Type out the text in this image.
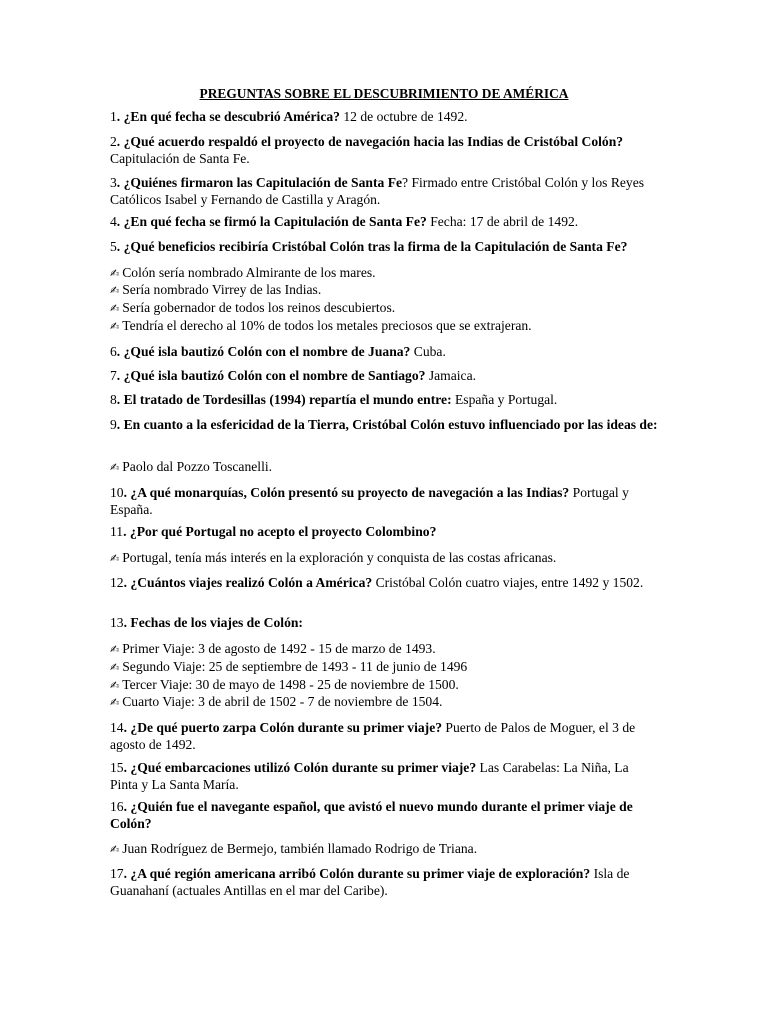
PREGUNTAS SOBRE EL DESCUBRIMIENTO DE AMÉRICA

1. ¿En qué fecha se descubrió América? 12 de octubre de 1492.

2. ¿Qué acuerdo respaldó el proyecto de navegación hacia las Indias de Cristóbal Colón? Capitulación de Santa Fe.

3. ¿Quiénes firmaron las Capitulación de Santa Fe? Firmado entre Cristóbal Colón y los Reyes Católicos Isabel y Fernando de Castilla y Aragón.

4. ¿En qué fecha se firmó la Capitulación de Santa Fe? Fecha: 17 de abril de 1492.

5. ¿Qué beneficios recibiría Cristóbal Colón tras la firma de la Capitulación de Santa Fe?

✍ Colón sería nombrado Almirante de los mares.

✍ Sería nombrado Virrey de las Indias.

✍ Sería gobernador de todos los reinos descubiertos.

✍ Tendría el derecho al 10% de todos los metales preciosos que se extrajeran.

6. ¿Qué isla bautizó Colón con el nombre de Juana? Cuba.

7. ¿Qué isla bautizó Colón con el nombre de Santiago? Jamaica.

8. El tratado de Tordesillas (1994) repartía el mundo entre: España y Portugal.

9. En cuanto a la esfericidad de la Tierra, Cristóbal Colón estuvo influenciado por las ideas de:

✍ Paolo dal Pozzo Toscanelli.

10. ¿A qué monarquías, Colón presentó su proyecto de navegación a las Indias? Portugal y España.

11. ¿Por qué Portugal no acepto el proyecto Colombino?

✍ Portugal, tenía más interés en la exploración y conquista de las costas africanas.

12. ¿Cuántos viajes realizó Colón a América? Cristóbal Colón cuatro viajes, entre 1492 y 1502.

13. Fechas de los viajes de Colón:

✍ Primer Viaje: 3 de agosto de 1492 - 15 de marzo de 1493.

✍ Segundo Viaje: 25 de septiembre de 1493 - 11 de junio de 1496

✍ Tercer Viaje: 30 de mayo de 1498 - 25 de noviembre de 1500.

✍ Cuarto Viaje: 3 de abril de 1502 - 7 de noviembre de 1504.

14. ¿De qué puerto zarpa Colón durante su primer viaje? Puerto de Palos de Moguer, el 3 de agosto de 1492.

15. ¿Qué embarcaciones utilizó Colón durante su primer viaje? Las Carabelas: La Niña, La Pinta y La Santa María.

16. ¿Quién fue el navegante español, que avistó el nuevo mundo durante el primer viaje de Colón?

✍ Juan Rodríguez de Bermejo, también llamado Rodrigo de Triana.

17. ¿A qué región americana arribó Colón durante su primer viaje de exploración? Isla de Guanahaní (actuales Antillas en el mar del Caribe).
